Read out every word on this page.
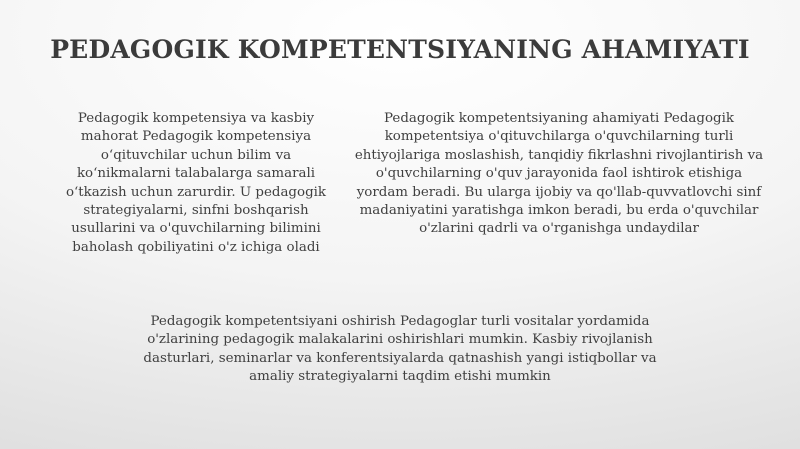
PEDAGOGIK KOMPETENTSIYANING AHAMIYATI

Pedagogik kompetensiya va kasbiy mahorat Pedagogik kompetensiya o‘qituvchilar uchun bilim va ko‘nikmalarni talabalarga samarali o‘tkazish uchun zarurdir. U pedagogik strategiyalarni, sinfni boshqarish usullarini va o'quvchilarning bilimini baholash qobiliyatini o'z ichiga oladi

Pedagogik kompetentsiyaning ahamiyati Pedagogik kompetentsiya o'qituvchilarga o'quvchilarning turli ehtiyojlariga moslashish, tanqidiy fikrlashni rivojlantirish va o'quvchilarning o'quv jarayonida faol ishtirok etishiga yordam beradi. Bu ularga ijobiy va qo'llab-quvvatlovchi sinf madaniyatini yaratishga imkon beradi, bu erda o'quvchilar o'zlarini qadrli va o'rganishga undaydilar

Pedagogik kompetentsiyani oshirish Pedagoglar turli vositalar yordamida o'zlarining pedagogik malakalarini oshirishlari mumkin. Kasbiy rivojlanish dasturlari, seminarlar va konferentsiyalarda qatnashish yangi istiqbollar va amaliy strategiyalarni taqdim etishi mumkin
